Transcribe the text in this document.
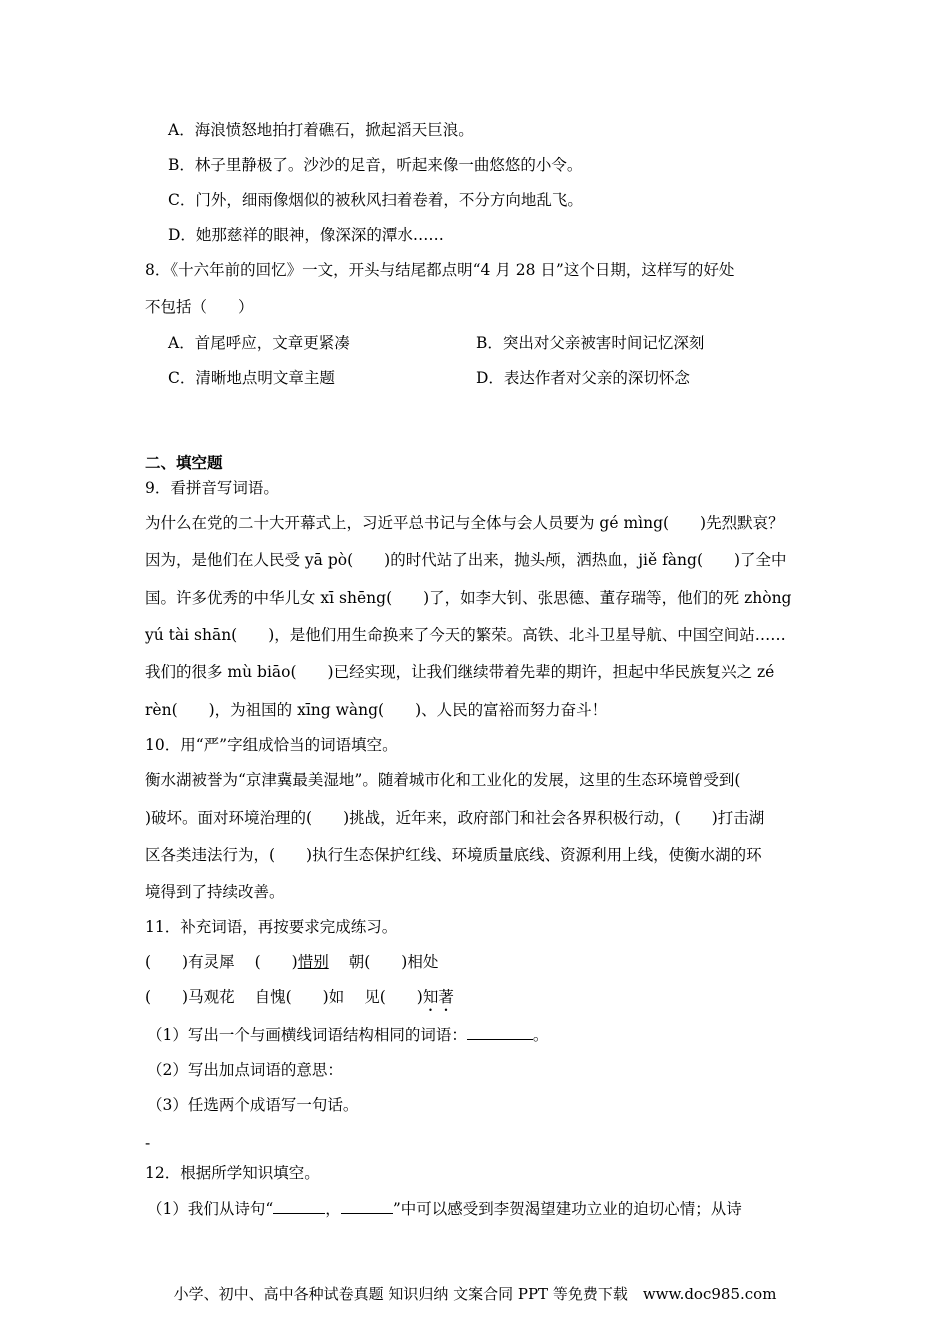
A．海浪愤怒地拍打着礁石，掀起滔天巨浪。
B．林子里静极了。沙沙的足音，听起来像一曲悠悠的小令。
C．门外，细雨像烟似的被秋风扫着卷着，不分方向地乱飞。
D．她那慈祥的眼神，像深深的潭水……
8．《十六年前的回忆》一文，开头与结尾都点明“4 月 28 日”这个日期，这样写的好处
不包括（　　）
A．首尾呼应，文章更紧凑	B．突出对父亲被害时间记忆深刻
C．清晰地点明文章主题	D．表达作者对父亲的深切怀念
二、填空题
9．看拼音写词语。
为什么在党的二十大开幕式上，习近平总书记与全体与会人员要为 gé mìng(　　)先烈默哀？
因为，是他们在人民受 yā pò(　　)的时代站了出来，抛头颅，洒热血，jiě fàng(　　)了全中
国。许多优秀的中华儿女 xī shēng(　　)了，如李大钊、张思德、董存瑞等，他们的死 zhòng
yú tài shān(　　)，是他们用生命换来了今天的繁荣。高铁、北斗卫星导航、中国空间站……
我们的很多 mù biāo(　　)已经实现，让我们继续带着先辈的期许，担起中华民族复兴之 zé
rèn(　　)，为祖国的 xīng wàng(　　)、人民的富裕而努力奋斗！
10．用“严”字组成恰当的词语填空。
衡水湖被誉为“京津冀最美湿地”。随着城市化和工业化的发展，这里的生态环境曾受到(
)破坏。面对环境治理的(　　)挑战，近年来，政府部门和社会各界积极行动，(　　)打击湖
区各类违法行为，(　　)执行生态保护红线、环境质量底线、资源利用上线，使衡水湖的环
境得到了持续改善。
11．补充词语，再按要求完成练习。
(　　)有灵犀 (　　)惜别 朝(　　)相处
(　　)马观花 自愧(　　)如 见(　　)知著
（1）写出一个与画横线词语结构相同的词语：	。
（2）写出加点词语的意思：
（3）任选两个成语写一句话。
-
12．根据所学知识填空。
（1）我们从诗句“	，	”中可以感受到李贺渴望建功立业的迫切心情；从诗
小学、初中、高中各种试卷真题 知识归纳 文案合同 PPT 等免费下载　www.doc985.com
